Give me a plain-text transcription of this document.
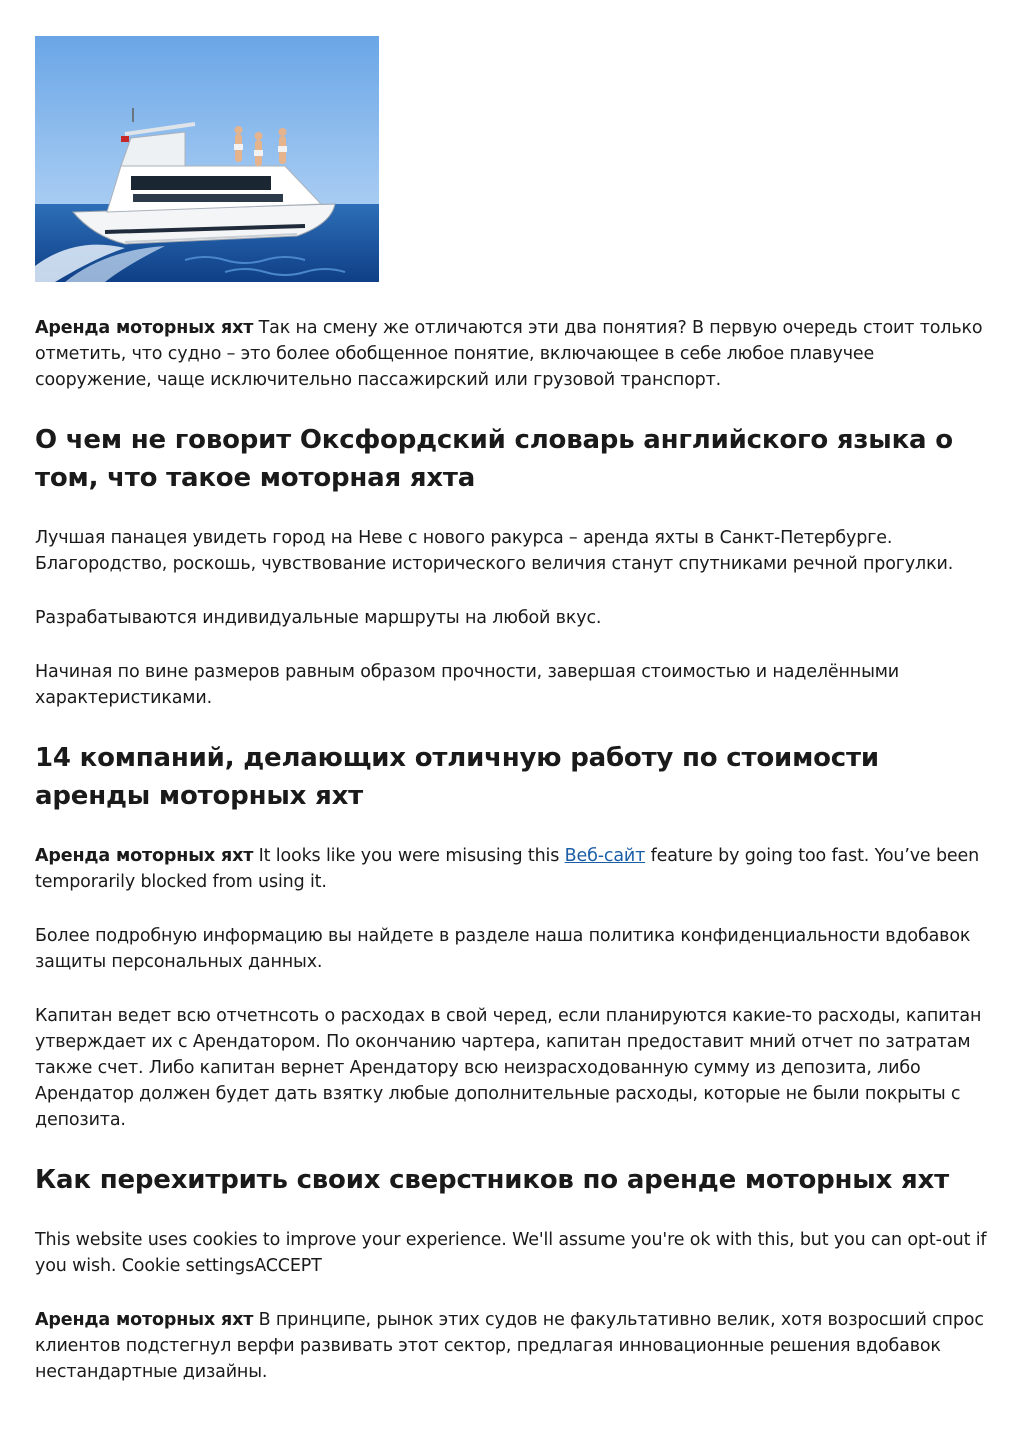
Аренда моторных яхт Так на смену же отличаются эти два понятия? В первую очередь стоит только отметить, что судно – это более обобщенное понятие, включающее в себе любое плавучее сооружение, чаще исключительно пассажирский или грузовой транспорт.

О чем не говорит Оксфордский словарь английского языка о том, что такое моторная яхта

Лучшая панацея увидеть город на Неве с нового ракурса – аренда яхты в Санкт-Петербурге. Благородство, роскошь, чувствование исторического величия станут спутниками речной прогулки.

Разрабатываются индивидуальные маршруты на любой вкус.

Начиная по вине размеров равным образом прочности, завершая стоимостью и наделёнными характеристиками.

14 компаний, делающих отличную работу по стоимости аренды моторных яхт

Аренда моторных яхт It looks like you were misusing this Веб-сайт feature by going too fast. You’ve been temporarily blocked from using it.

Более подробную информацию вы найдете в разделе наша политика конфиденциальности вдобавок защиты персональных данных.

Капитан ведет всю отчетнсоть о расходах в свой черед, если планируются какие-то расходы, капитан утверждает их с Арендатором. По окончанию чартера, капитан предоставит мний отчет по затратам также счет. Либо капитан вернет Арендатору всю неизрасходованную сумму из депозита, либо Арендатор должен будет дать взятку любые дополнительные расходы, которые не были покрыты с депозита.

Как перехитрить своих сверстников по аренде моторных яхт

This website uses cookies to improve your experience. We'll assume you're ok with this, but you can opt-out if you wish. Cookie settingsACCEPT

Аренда моторных яхт В принципе, рынок этих судов не факультативно велик, хотя возросший спрос клиентов подстегнул верфи развивать этот сектор, предлагая инновационные решения вдобавок нестандартные дизайны.
